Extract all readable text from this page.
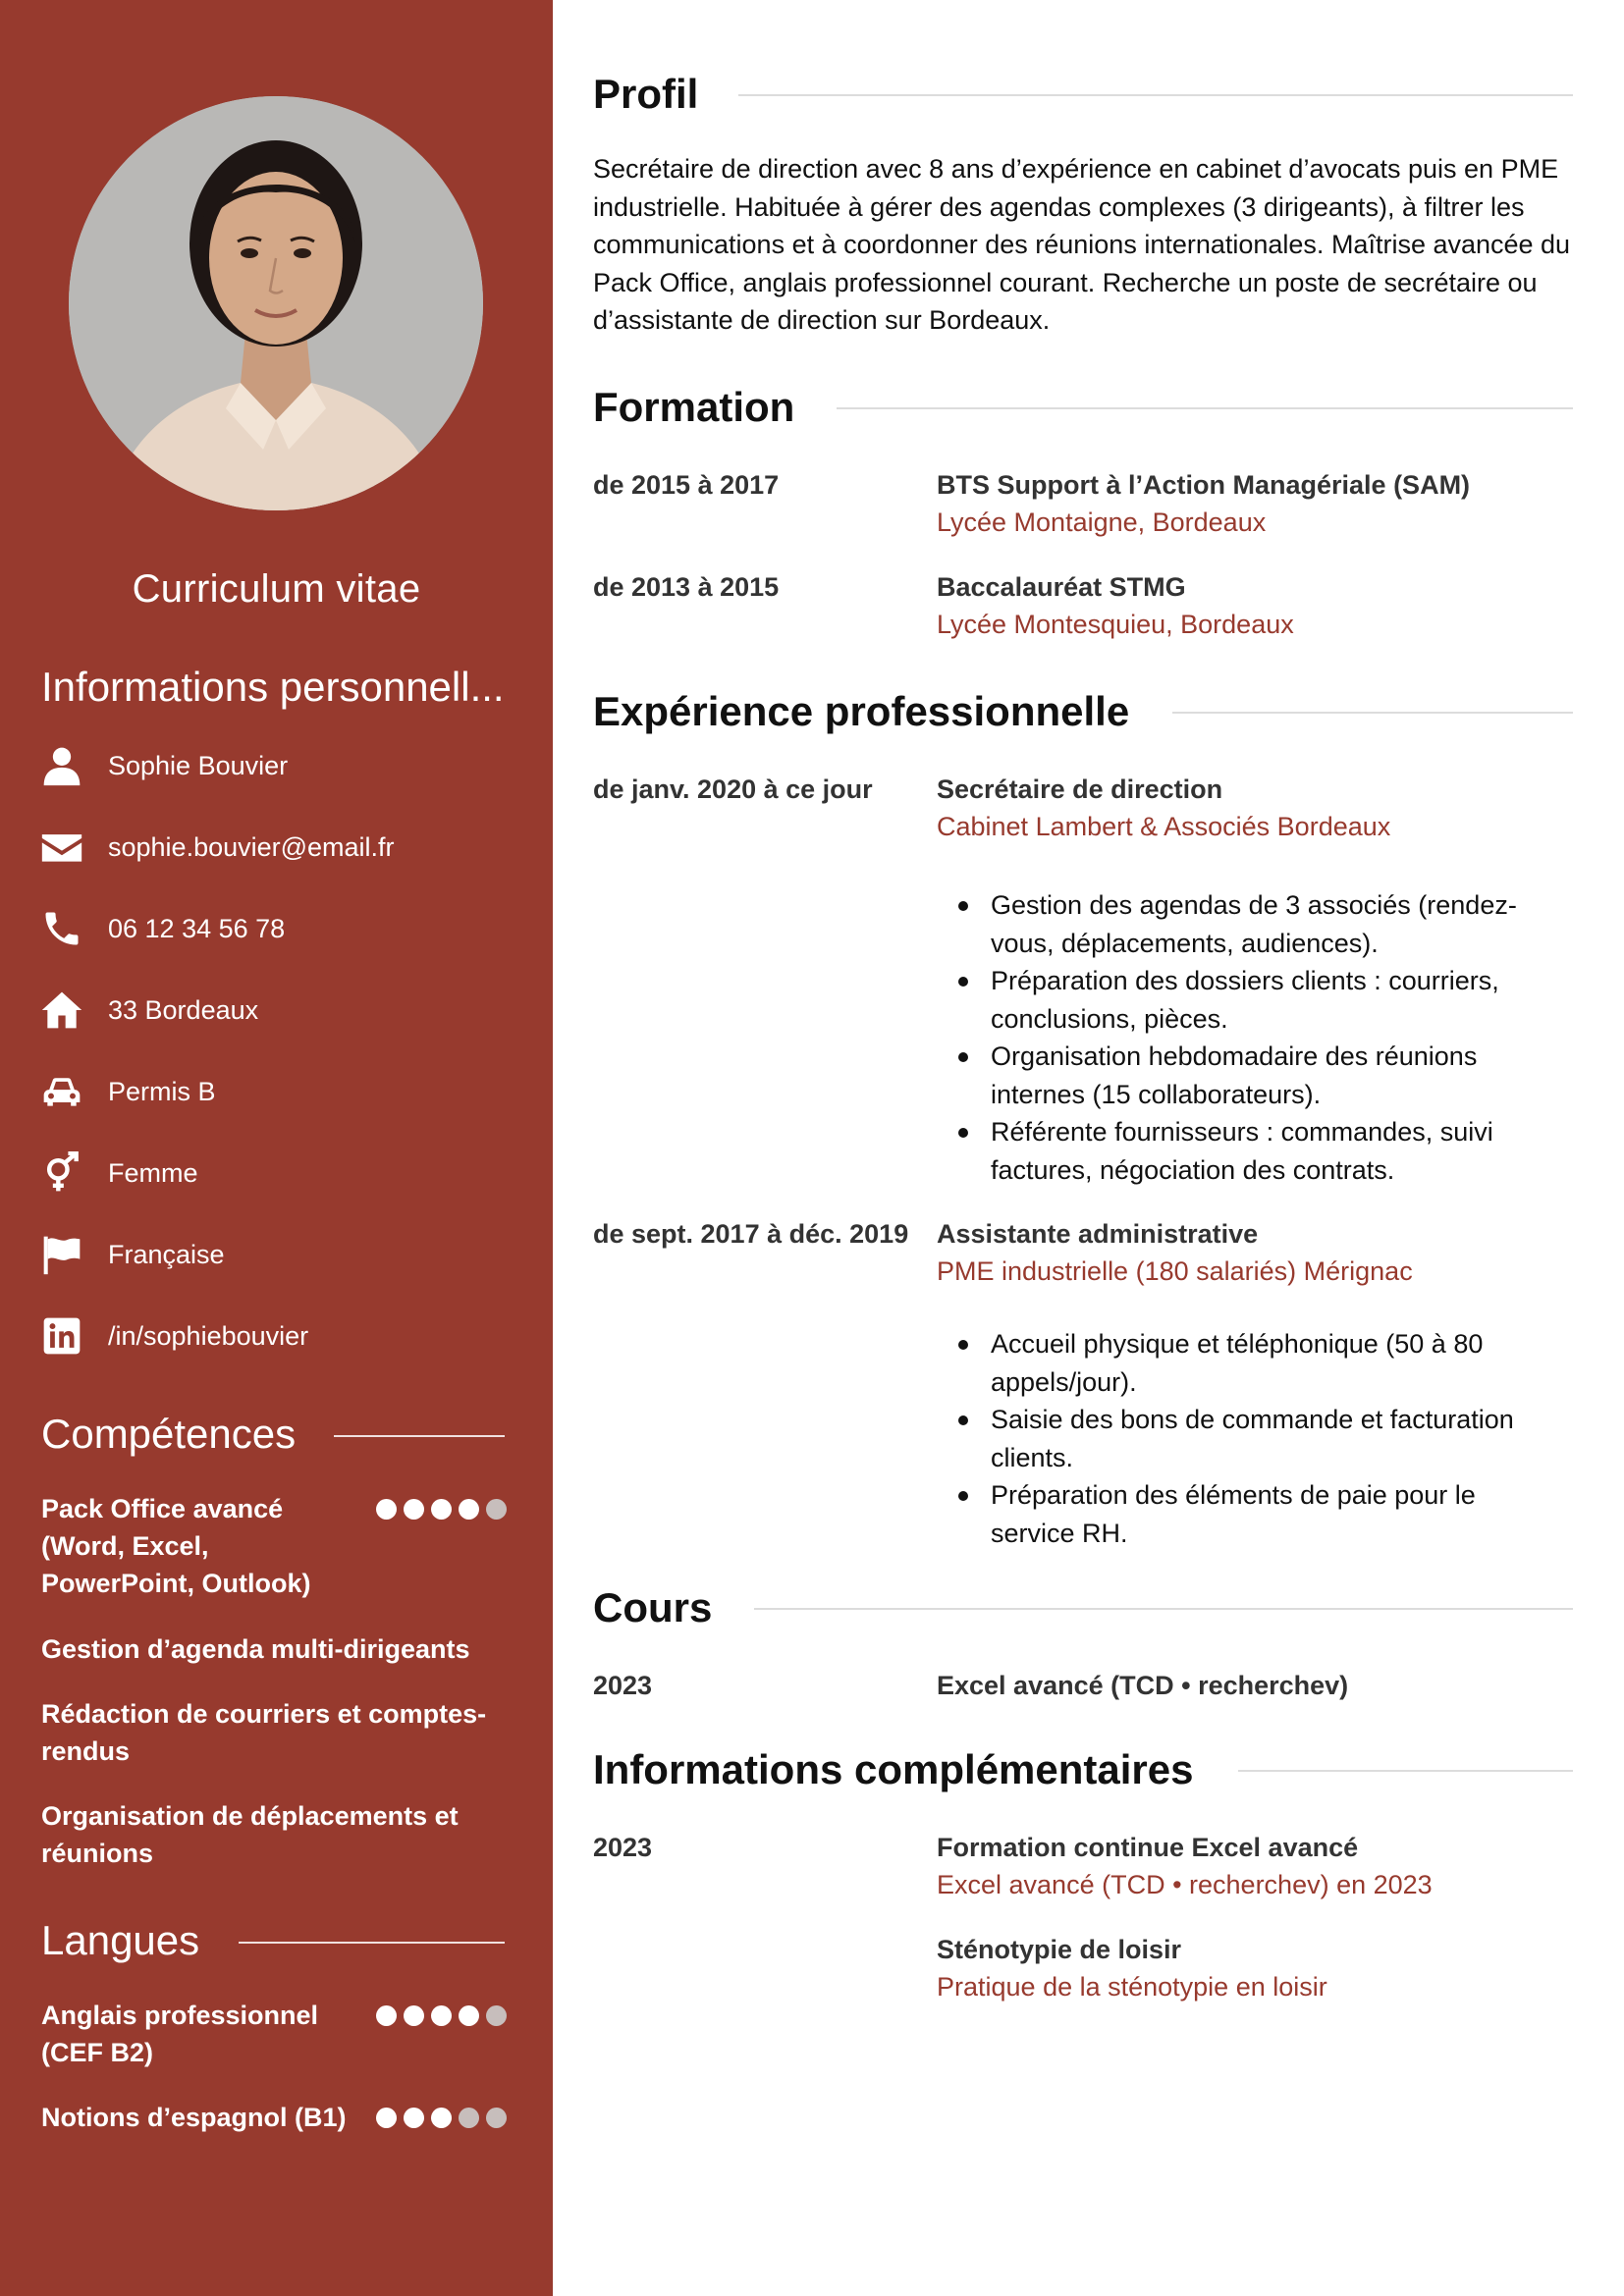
Curriculum vitae
Informations personnell...
Sophie Bouvier
sophie.bouvier@email.fr
06 12 34 56 78
33 Bordeaux
Permis B
Femme
Française
/in/sophiebouvier
Compétences
Pack Office avancé (Word, Excel, PowerPoint, Outlook)
Gestion d’agenda multi-dirigeants
Rédaction de courriers et comptes-rendus
Organisation de déplacements et réunions
Langues
Anglais professionnel (CEF B2)
Notions d’espagnol (B1)
Profil

Secrétaire de direction avec 8 ans d’expérience en cabinet d’avocats puis en PME industrielle. Habituée à gérer des agendas complexes (3 dirigeants), à filtrer les communications et à coordonner des réunions internationales. Maîtrise avancée du Pack Office, anglais professionnel courant. Recherche un poste de secrétaire ou d’assistante de direction sur Bordeaux.

Formation
de 2015 à 2017	BTS Support à l’Action Managériale (SAM)
Lycée Montaigne, Bordeaux
de 2013 à 2015	Baccalauréat STMG
Lycée Montesquieu, Bordeaux
Expérience professionnelle
de janv. 2020 à ce jour Secrétaire de direction
Cabinet Lambert & Associés Bordeaux
Gestion des agendas de 3 associés (rendez-vous, déplacements, audiences).
Préparation des dossiers clients : courriers, conclusions, pièces.
Organisation hebdomadaire des réunions internes (15 collaborateurs).
Référente fournisseurs : commandes, suivi factures, négociation des contrats.
de sept. 2017 à déc. 2019 Assistante administrative
PME industrielle (180 salariés) Mérignac
Accueil physique et téléphonique (50 à 80 appels/jour).
Saisie des bons de commande et facturation clients.
Préparation des éléments de paie pour le service RH.
Cours
2023	Excel avancé (TCD • recherchev)
Informations complémentaires
2023	Formation continue Excel avancé
Excel avancé (TCD • recherchev) en 2023
Sténotypie de loisir
Pratique de la sténotypie en loisir
